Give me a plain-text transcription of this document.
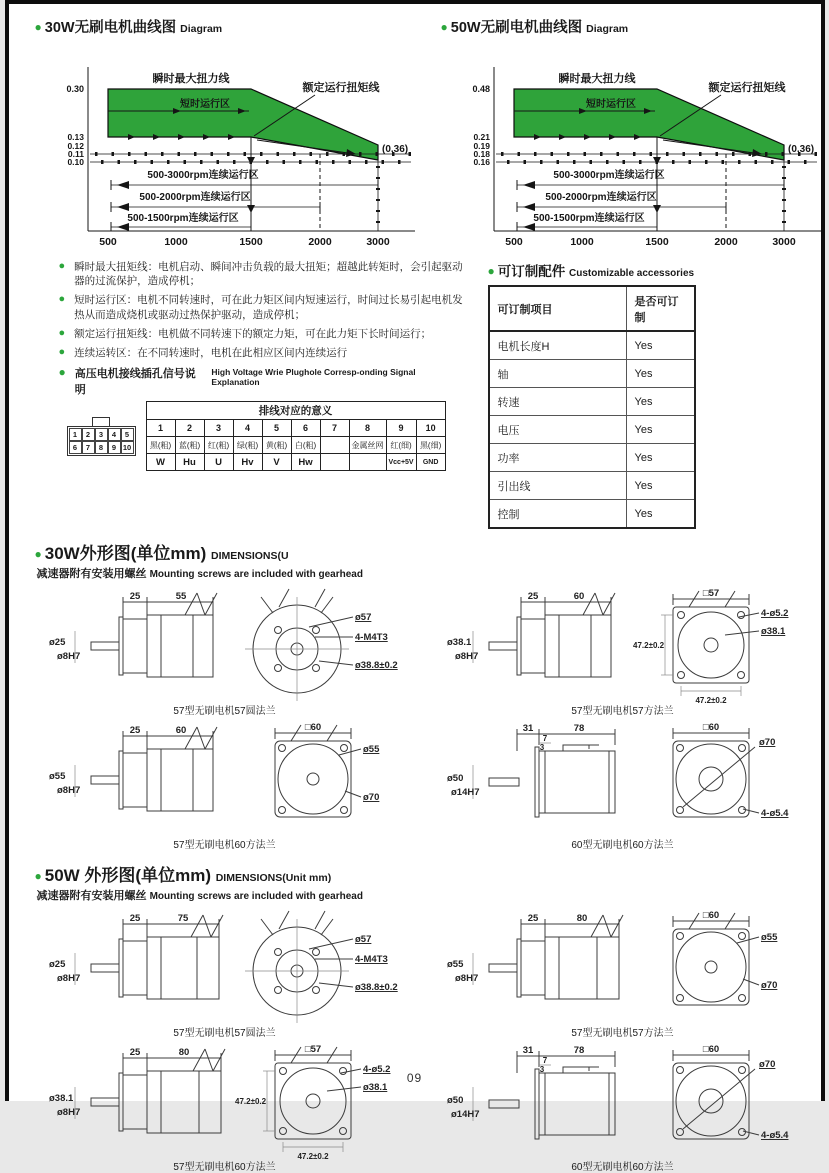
● 30W无刷电机曲线图 Diagram
瞬时最大扭力线
短时运行区
额定运行扭矩线
(0.36)
500-3000rpm连续运行区
500-2000rpm连续运行区
500-1500rpm连续运行区
0.30
0.13
0.12
0.11
0.10
500	1000	1500	2000	3000
● 50W无刷电机曲线图 Diagram
瞬时最大扭力线
短时运行区
额定运行扭矩线
(0.36)
500-3000rpm连续运行区
500-2000rpm连续运行区
500-1500rpm连续运行区
0.48
0.21
0.19
0.18
0.16
500	1000	1500	2000	3000
● 瞬时最大扭矩线：电机启动、瞬间冲击负载的最大扭矩；超越此转矩时，会引起驱动器的过流保护，造成停机；
● 短时运行区：电机不同转速时，可在此力矩区间内短速运行，时间过长易引起电机发热从而造成烧机或驱动过热保护驱动，造成停机；
● 额定运行扭矩线：电机做不同转速下的额定力矩，可在此力矩下长时间运行；
● 连续运转区：在不同转速时，电机在此相应区间内连续运行
● 高压电机接线插孔信号说明
High Voltage Wrie Plughole Corresp-onding Signal Explanation
1	2	3	4	5
6	7	8	9 10
排线对应的意义									
1	2	3	4	5	6	7	8	9	10
黑(粗)	蓝(粗)	红(粗)	绿(粗)	黄(粗)	白(粗)		金属丝网	红(细)	黑(细)
W	Hu	U	Hv	V	Hw			Vcc+5V	GND
● 可订制配件 Customizable accessories
可订制项目	是否可订制
电机长度H	Yes
轴	Yes
转速	Yes
电压	Yes
功率	Yes
引出线	Yes
控制	Yes
● 30W外形图(单位mm) DIMENSIONS(U
减速器附有安装用螺丝 Mounting screws are included with gearhead
25	55
ø25
ø8H7
ø57
4-M4T3
ø38.8±0.2
57型无刷电机57圆法兰
25	60
ø38.1
ø8H7
□57
4-ø5.2
ø38.1
47.2±0.2
47.2±0.2
57型无刷电机57方法兰
25	60
ø55
ø8H7
□60
ø55
ø70
57型无刷电机60方法兰
31	78
7
3
ø50
ø14H7
□60
ø70
4-ø5.4
60型无刷电机60方法兰
● 50W 外形图(单位mm) DIMENSIONS(Unit mm)
减速器附有安装用螺丝 Mounting screws are included with gearhead
25	75
ø25
ø8H7
ø57
4-M4T3
ø38.8±0.2
57型无刷电机57圆法兰
25	80
ø55
ø8H7
□60
ø55
ø70
57型无刷电机57方法兰
25	80
ø38.1
ø8H7
□57
4-ø5.2
ø38.1
47.2±0.2
47.2±0.2
57型无刷电机60方法兰
31	78
7
3
ø50
ø14H7
□60
ø70
4-ø5.4
60型无刷电机60方法兰
09
